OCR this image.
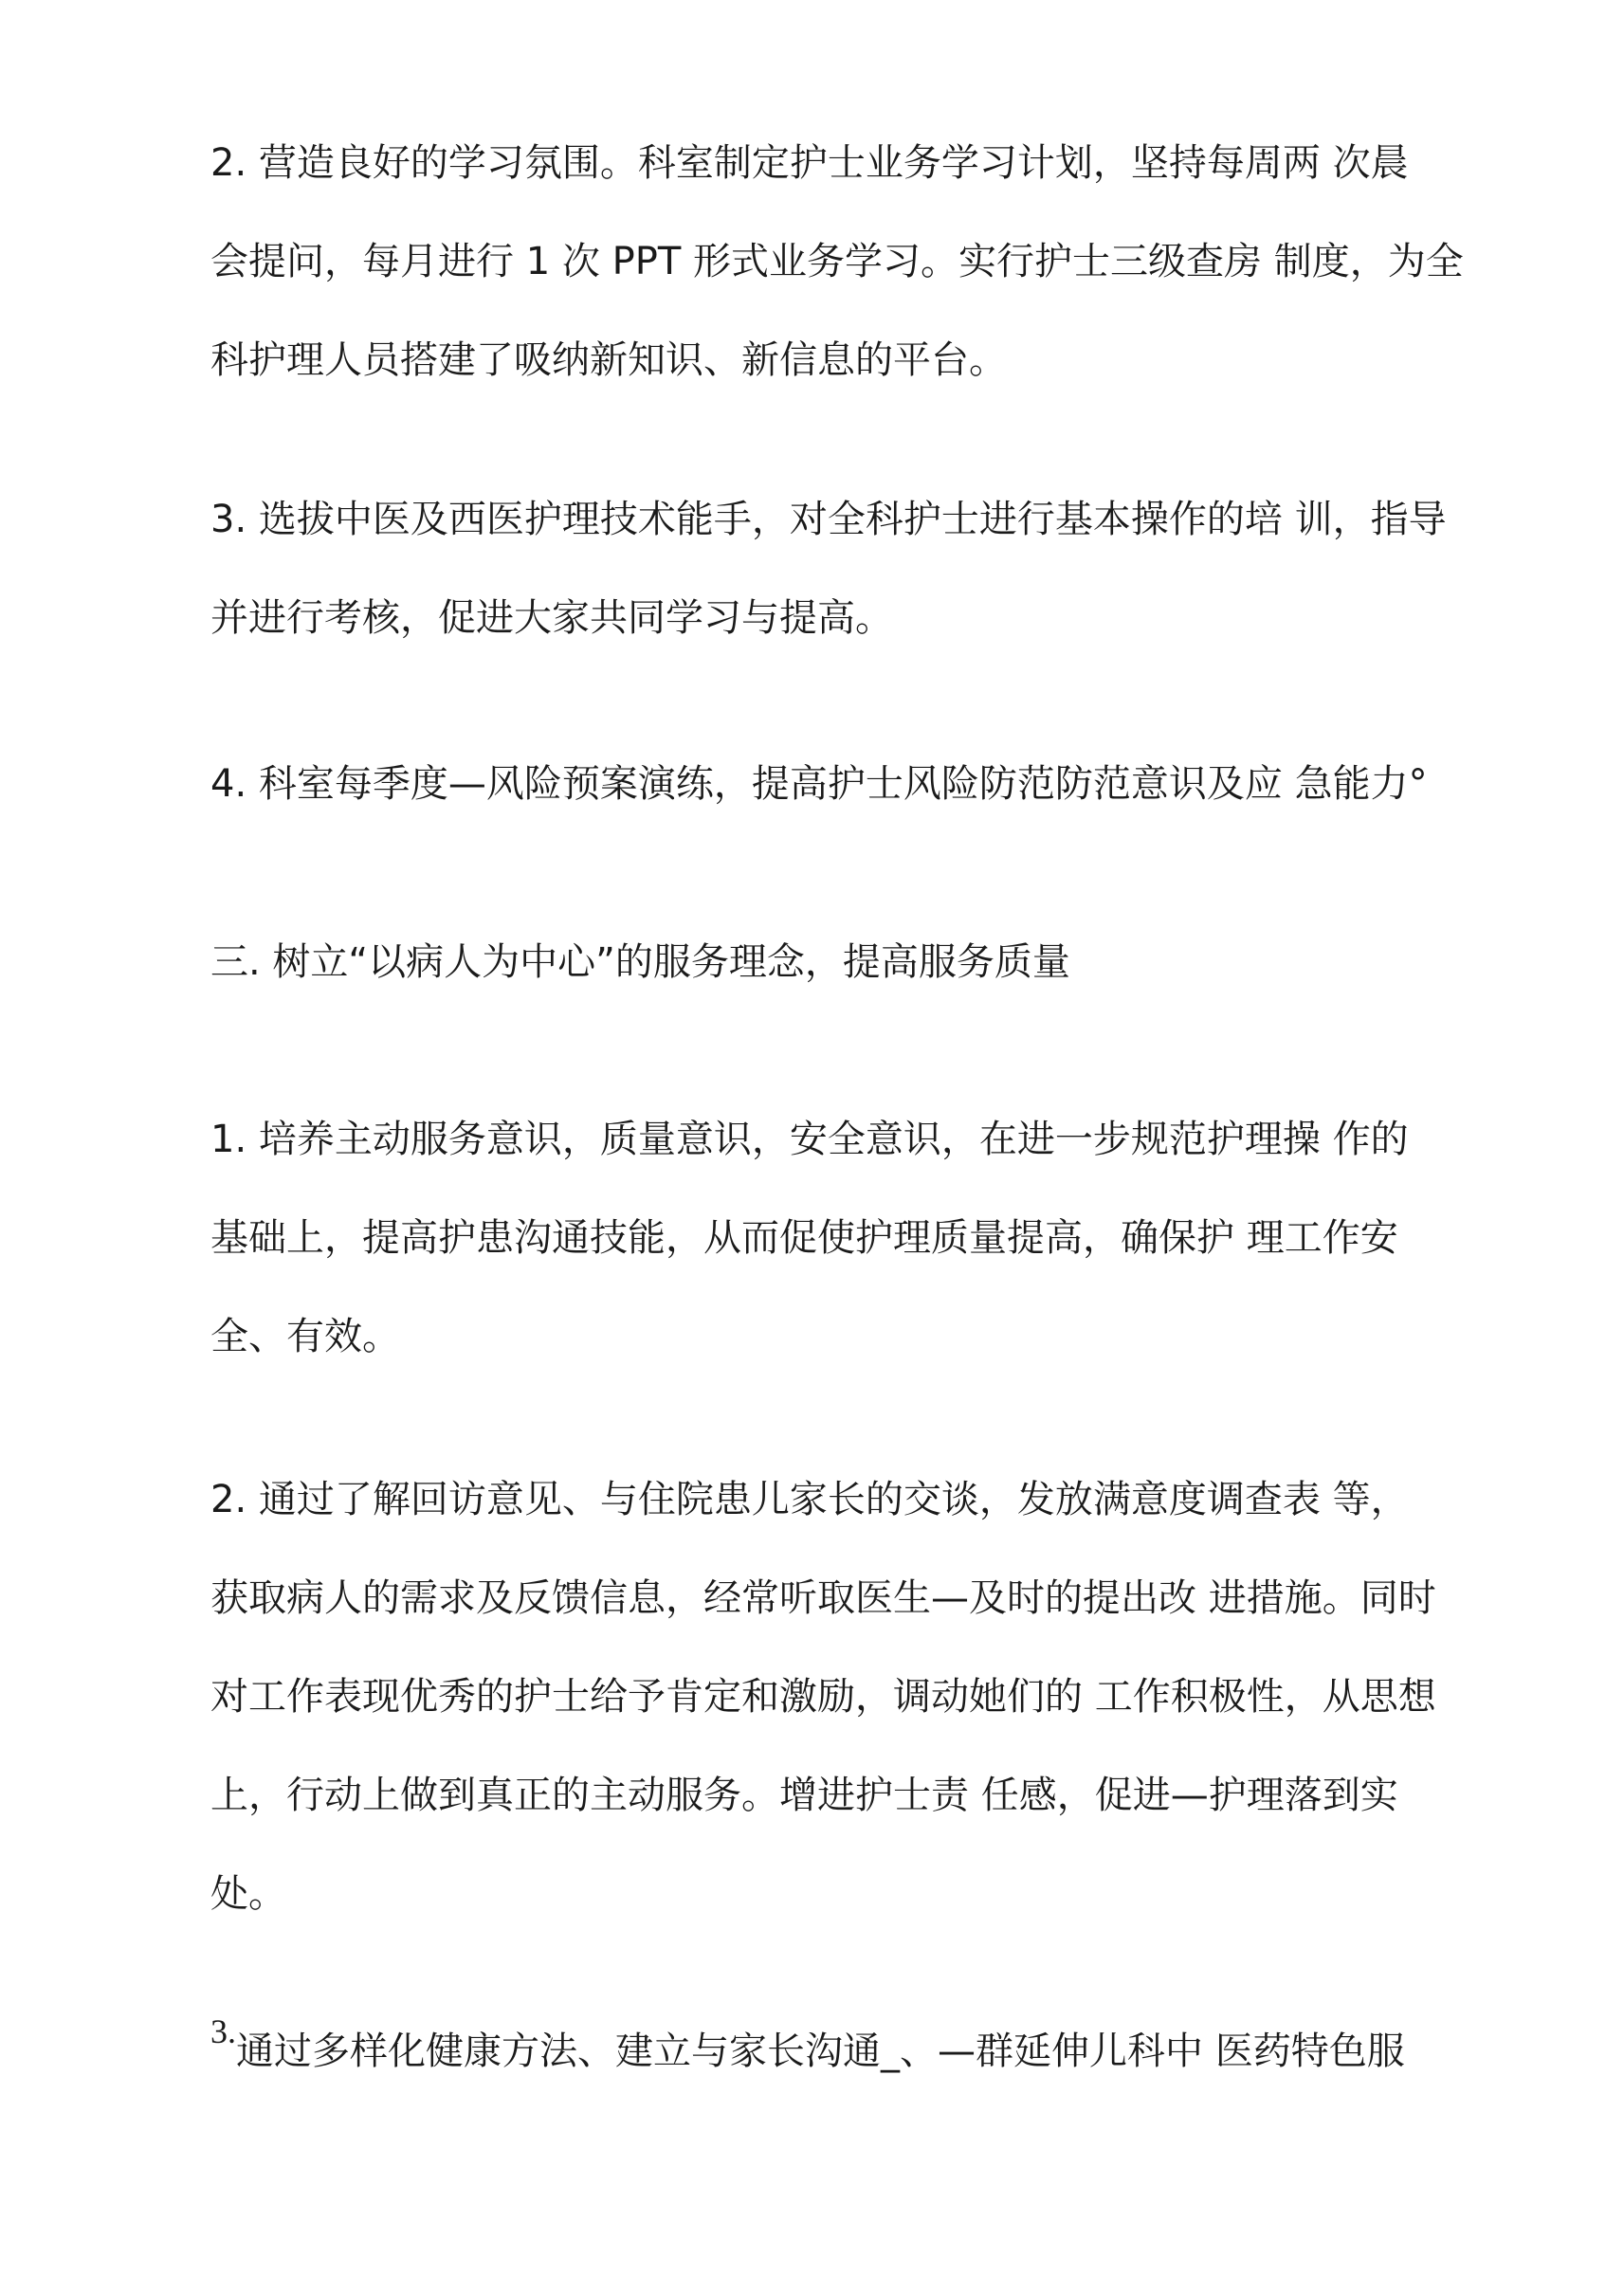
2. 营造良好的学习氛围。科室制定护士业务学习计划，坚持每周两 次晨
会提问，每月进行 1 次 PPT 形式业务学习。实行护士三级查房 制度，为全
科护理人员搭建了吸纳新知识、新信息的平台。
3. 选拔中医及西医护理技术能手，对全科护士进行基本操作的培 训，指导
并进行考核，促进大家共同学习与提高。
4. 科室每季度—风险预案演练，提高护士风险防范防范意识及应 急能力°
三. 树立“以病人为中心”的服务理念，提高服务质量
1. 培养主动服务意识，质量意识，安全意识，在进一步规范护理操 作的
基础上，提高护患沟通技能，从而促使护理质量提高，确保护 理工作安
全、有效。
2. 通过了解回访意见、与住院患儿家长的交谈，发放满意度调查表 等，
获取病人的需求及反馈信息，经常听取医生—及时的提出改 进措施。同时
对工作表现优秀的护士给予肯定和激励，调动她们的 工作积极性，从思想
上，行动上做到真正的主动服务。增进护士责 任感，促进—护理落到实
处。
3.通过多样化健康方法、建立与家长沟通_、—群延伸儿科中 医药特色服
